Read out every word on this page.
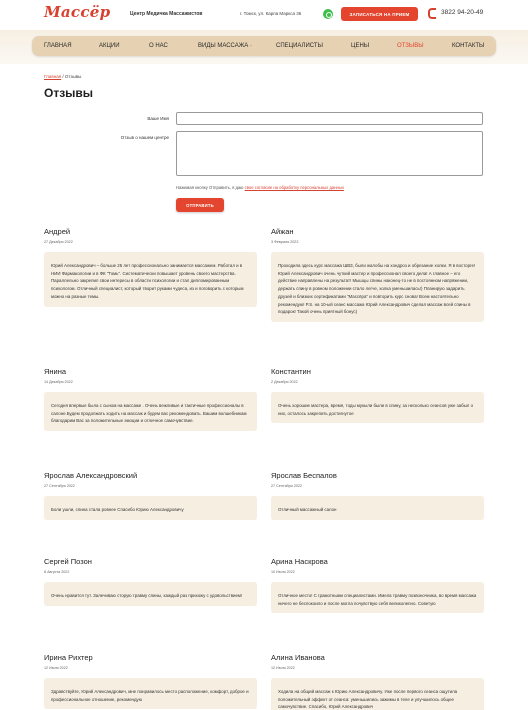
Массёр	Центр Медичка Массажистов	г. Томск, ул. Карла Маркса 36	ЗАПИСАТЬСЯ НА ПРИЕМ	3822 94-20-49
ГЛАВНАЯ	АКЦИИ	О НАС	ВИДЫ МАССАЖА ·	СПЕЦИАЛИСТЫ	ЦЕНЫ	ОТЗЫВЫ	КОНТАКТЫ
Главная / Отзывы
Отзывы
Ваше Имя
Отзыв о нашем центре
Нажимая кнопку Отправить, я даю свое согласие на обработку персональных данных
ОТПРАВИТЬ
Андрей
27 Декабря 2022
Юрий Александрович – больше 25 лет профессионально занимается массажем. Работал и в НИИ Фармакологии и в ФК "Томь". Систематически повышает уровень своего мастерства. Параллельно закрепил свои интересы в области психологии и стал дипломированным психологом. Отличный специалист, который творит руками чудеса, из и поговорить с которым можно на разные темы.
Айжан
3 Февраля 2023
Проходила здесь курс массажа ШВЗ, были жалобы на хондроз и обрезание холки. Я в восторге! Юрий Александрович очень чуткий мастер и профессионал своего дела! А главное – его действие направлены на результат! Мышцы спины наконец-то не в постоянном напряжении, держать спину в ровном положении стало легче, холка уменьшилась!) Планирую задарить друзей и близких сертификатами "Массёра" и повторить курс снова! Всем настоятельно рекомендую! P.S. на 10-ый сеанс массажа Юрий Александрович сделал массаж всей спины в подарок! Такой очень приятный бонус)
Янина
14 Декабря 2022
Сегодня впервые была с сыном на массаже . Очень вежливые и тактичные профессионалы в салоне.Будем продолжать ходить на массаж и будем вас рекомендовать. Вашим волшебникам благодарим Вас за положительные эмоции и отличное самочувствие.
Константин
2 Декабря 2022
Очень хорошие мастера, время, тоды мукыли были в спину, за несколько сеансов уже забыл о них, осталось закрепить достигнутое
Ярослав Александровский
27 Сентября 2022
Боли ушли, спина стала ровнее Спасибо Юрию Александровичу
Ярослав Беспалов
27 Сентября 2022
Отличный массажный салон
Сергей Позон
8 Августа 2022
Очень нравится тут. Залечиваю сторую травму спины, каждый раз прихожу с удовольствием!
Арина Наскрова
10 Июля 2022
Отличное место! С грамотными специалистами. Имела травму позвоночника, во время массажа ничего не беспокоило и после могла почувствую себя великолепно. Советую
Ирина Рихтер
12 Июля 2022
Здравствуйте, Юрий Александрович, мне понравилось место расположение, комфорт, доброе и профессиональное отношение, рекомендую
Алина Иванова
12 Июля 2022
Ходила на общий массаж к Юрию Александровичу. Уже после первого сеанса ощутила положительный эффект от сеанса: уменьшились зажимы в теле и улучшилось общее самочувствие. Спасибо, Юрий Александрович
